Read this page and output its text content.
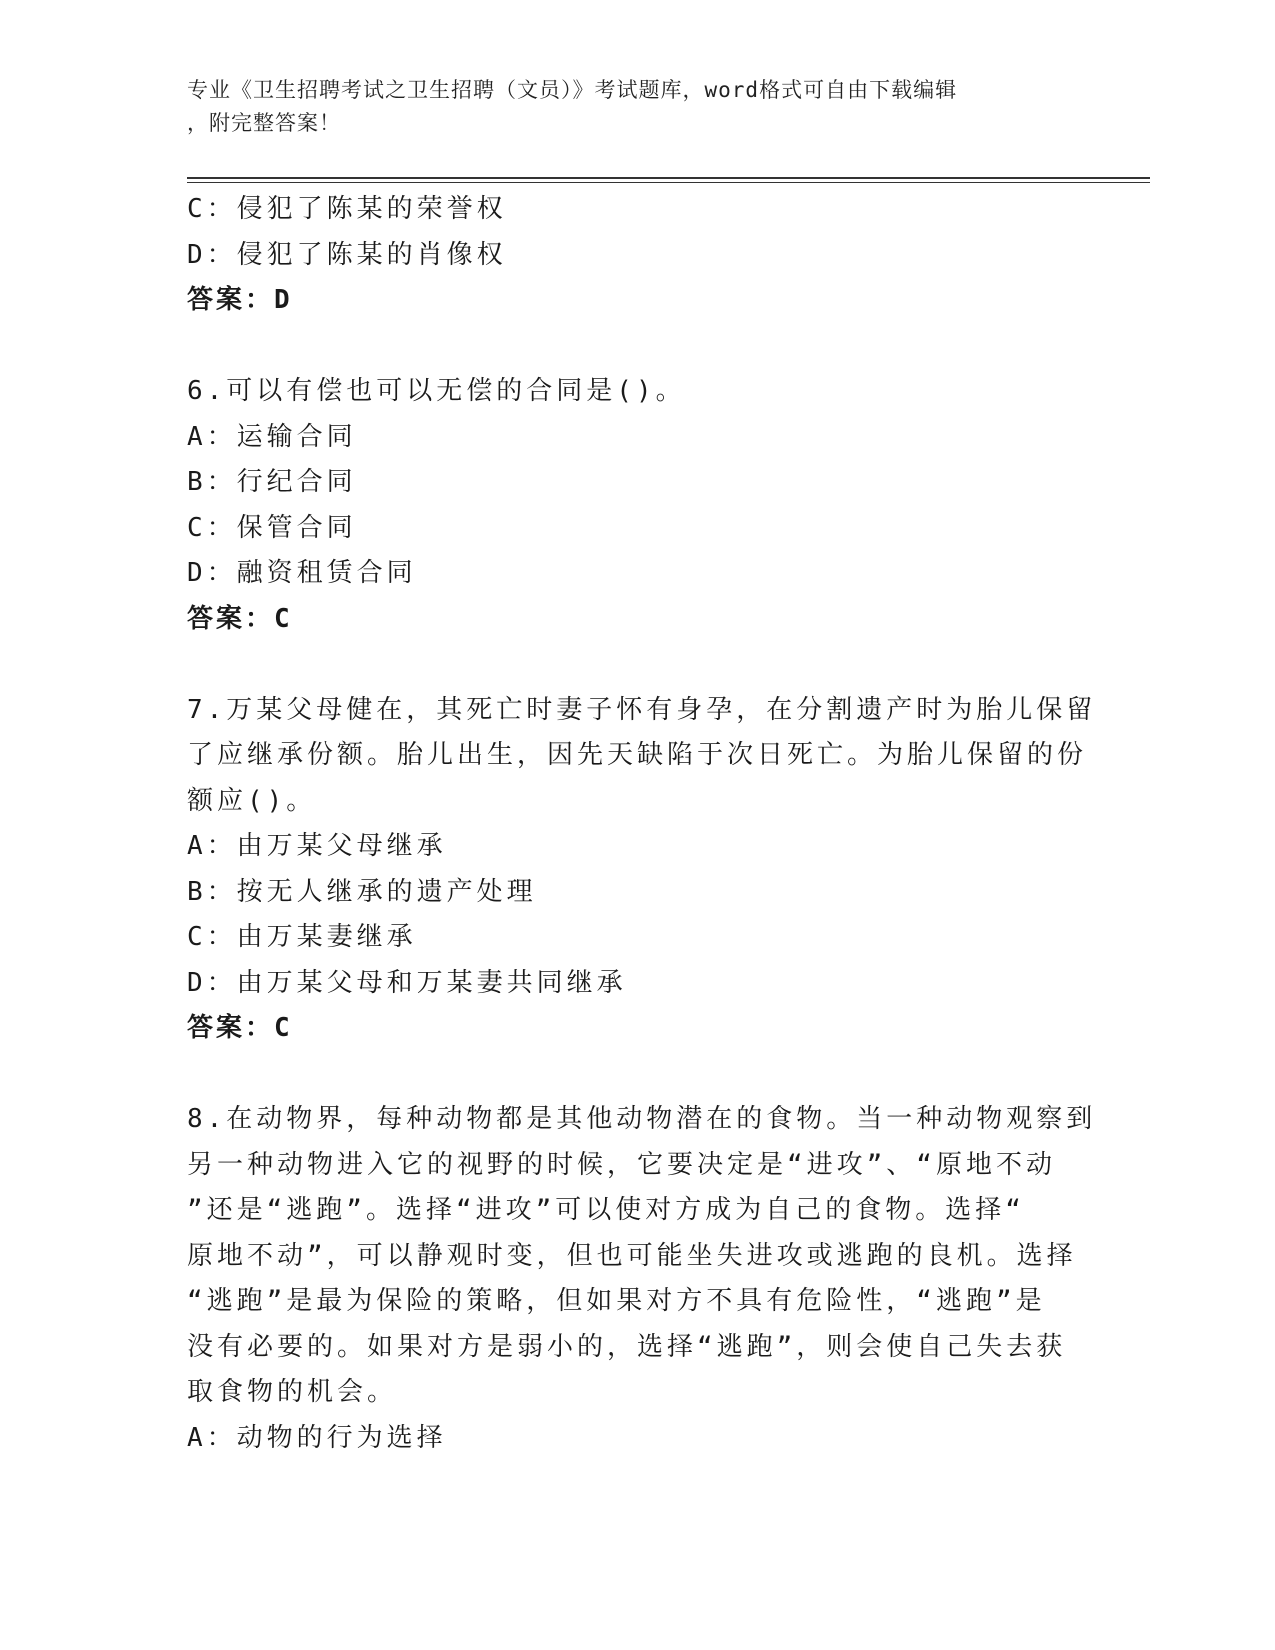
专业《卫生招聘考试之卫生招聘（文员）》考试题库，word格式可自由下载编辑
，附完整答案！
C：侵犯了陈某的荣誉权
D：侵犯了陈某的肖像权
答案：D
6.可以有偿也可以无偿的合同是()。
A：运输合同
B：行纪合同
C：保管合同
D：融资租赁合同
答案：C
7.万某父母健在，其死亡时妻子怀有身孕，在分割遗产时为胎儿保留
了应继承份额。胎儿出生，因先天缺陷于次日死亡。为胎儿保留的份
额应()。
A：由万某父母继承
B：按无人继承的遗产处理
C：由万某妻继承
D：由万某父母和万某妻共同继承
答案：C
8.在动物界，每种动物都是其他动物潜在的食物。当一种动物观察到
另一种动物进入它的视野的时候，它要决定是“进攻”、“原地不动
”还是“逃跑”。选择“进攻”可以使对方成为自己的食物。选择“
原地不动”，可以静观时变，但也可能坐失进攻或逃跑的良机。选择
“逃跑”是最为保险的策略，但如果对方不具有危险性，“逃跑”是
没有必要的。如果对方是弱小的，选择“逃跑”，则会使自己失去获
取食物的机会。
A：动物的行为选择
